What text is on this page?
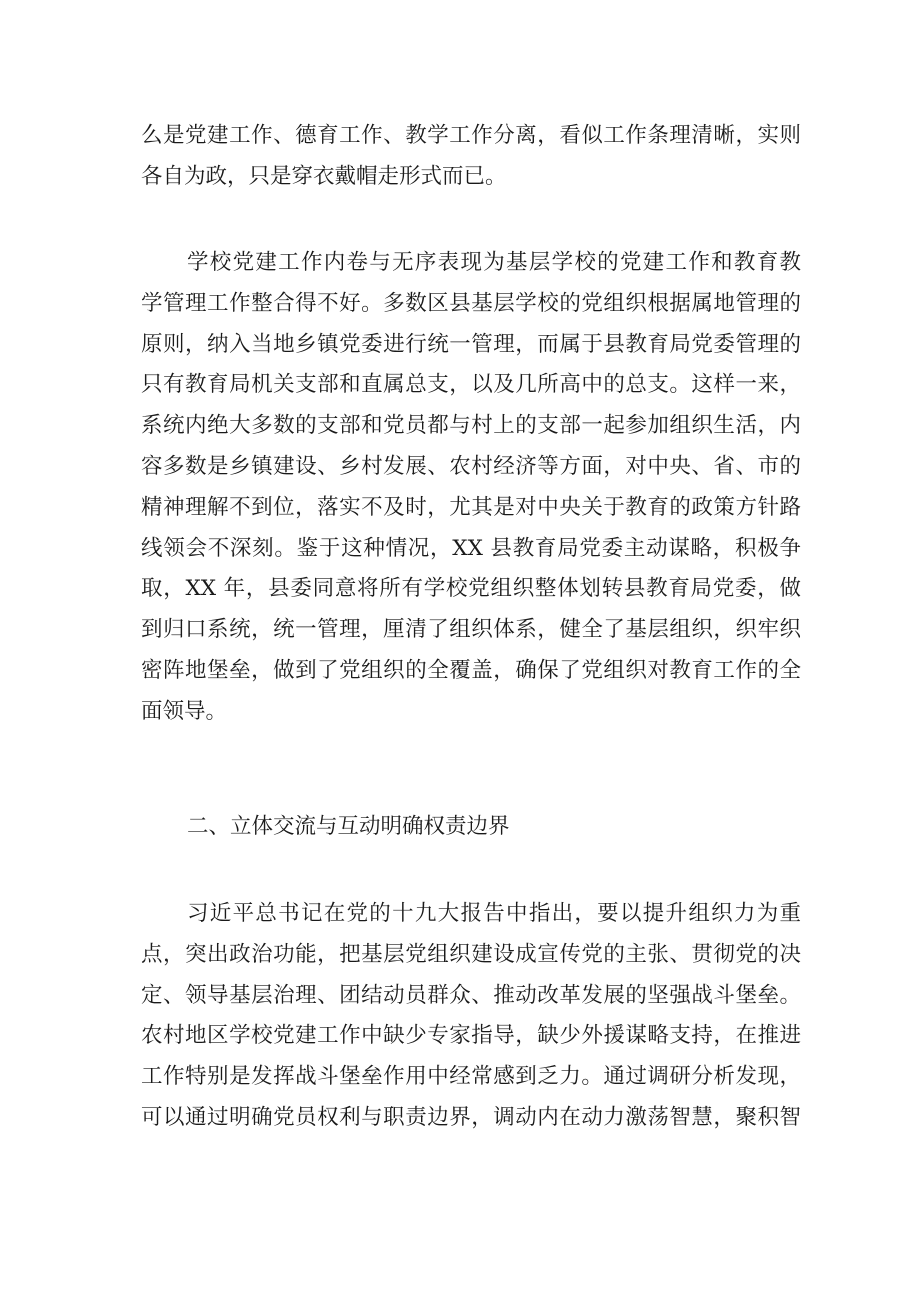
么是党建工作、德育工作、教学工作分离，看似工作条理清晰，实则
各自为政，只是穿衣戴帽走形式而已。
学校党建工作内卷与无序表现为基层学校的党建工作和教育教
学管理工作整合得不好。多数区县基层学校的党组织根据属地管理的
原则，纳入当地乡镇党委进行统一管理，而属于县教育局党委管理的
只有教育局机关支部和直属总支，以及几所高中的总支。这样一来，
系统内绝大多数的支部和党员都与村上的支部一起参加组织生活，内
容多数是乡镇建设、乡村发展、农村经济等方面，对中央、省、市的
精神理解不到位，落实不及时，尤其是对中央关于教育的政策方针路
线领会不深刻。鉴于这种情况，XX 县教育局党委主动谋略，积极争
取，XX 年，县委同意将所有学校党组织整体划转县教育局党委，做
到归口系统，统一管理，厘清了组织体系，健全了基层组织，织牢织
密阵地堡垒，做到了党组织的全覆盖，确保了党组织对教育工作的全
面领导。
二、立体交流与互动明确权责边界
习近平总书记在党的十九大报告中指出，要以提升组织力为重
点，突出政治功能，把基层党组织建设成宣传党的主张、贯彻党的决
定、领导基层治理、团结动员群众、推动改革发展的坚强战斗堡垒。
农村地区学校党建工作中缺少专家指导，缺少外援谋略支持，在推进
工作特别是发挥战斗堡垒作用中经常感到乏力。通过调研分析发现，
可以通过明确党员权利与职责边界，调动内在动力激荡智慧，聚积智
